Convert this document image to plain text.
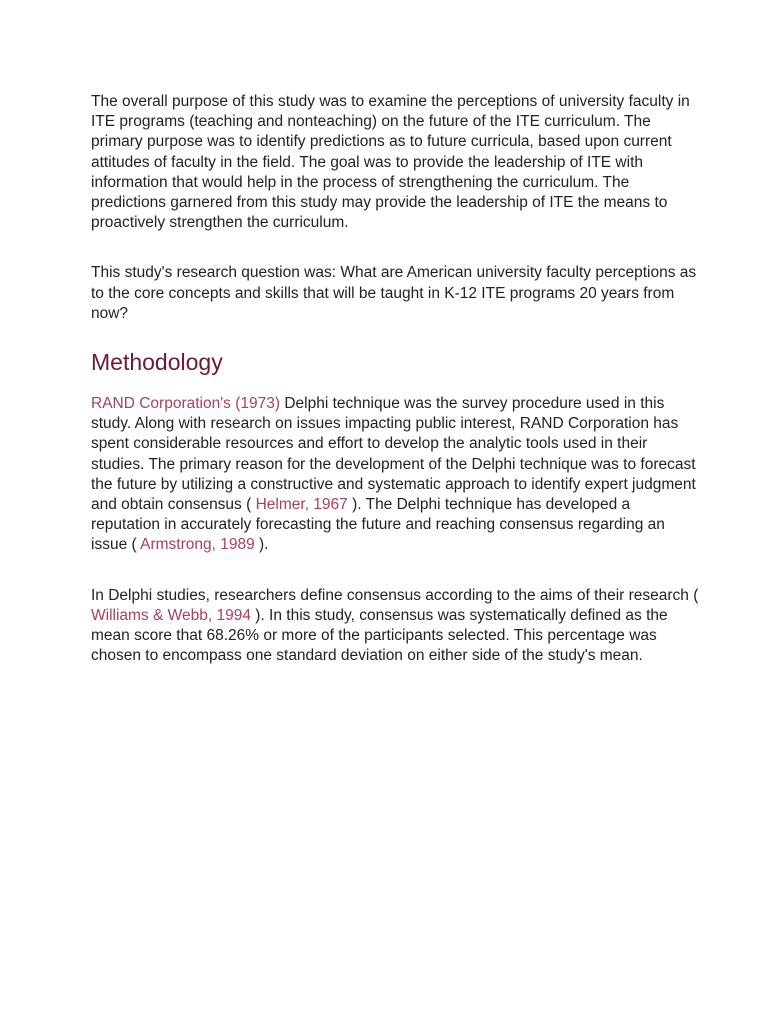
The overall purpose of this study was to examine the perceptions of university faculty in ITE programs (teaching and nonteaching) on the future of the ITE curriculum. The primary purpose was to identify predictions as to future curricula, based upon current attitudes of faculty in the field. The goal was to provide the leadership of ITE with information that would help in the process of strengthening the curriculum. The predictions garnered from this study may provide the leadership of ITE the means to proactively strengthen the curriculum.

This study's research question was: What are American university faculty perceptions as to the core concepts and skills that will be taught in K-12 ITE programs 20 years from now?

Methodology

RAND Corporation's (1973) Delphi technique was the survey procedure used in this study. Along with research on issues impacting public interest, RAND Corporation has spent considerable resources and effort to develop the analytic tools used in their studies. The primary reason for the development of the Delphi technique was to forecast the future by utilizing a constructive and systematic approach to identify expert judgment and obtain consensus ( Helmer, 1967 ). The Delphi technique has developed a reputation in accurately forecasting the future and reaching consensus regarding an issue ( Armstrong, 1989 ).

In Delphi studies, researchers define consensus according to the aims of their research ( Williams & Webb, 1994 ). In this study, consensus was systematically defined as the mean score that 68.26% or more of the participants selected. This percentage was chosen to encompass one standard deviation on either side of the study's mean.
